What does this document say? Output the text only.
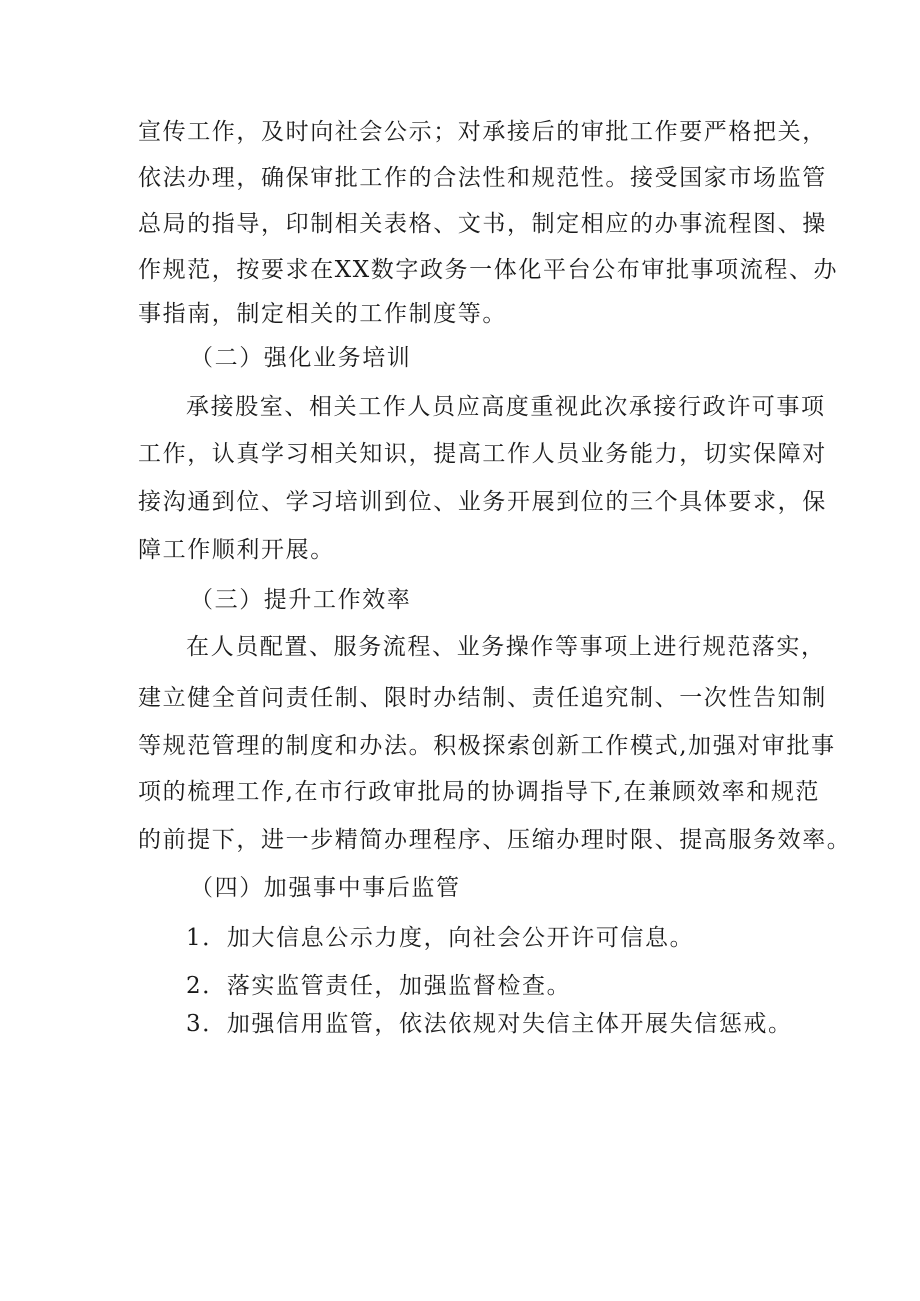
宣传工作，及时向社会公示；对承接后的审批工作要严格把关，
依法办理，确保审批工作的合法性和规范性。接受国家市场监管
总局的指导，印制相关表格、文书，制定相应的办事流程图、操
作规范，按要求在XX数字政务一体化平台公布审批事项流程、办
事指南，制定相关的工作制度等。
（二）强化业务培训
承接股室、相关工作人员应高度重视此次承接行政许可事项
工作，认真学习相关知识，提高工作人员业务能力，切实保障对
接沟通到位、学习培训到位、业务开展到位的三个具体要求，保
障工作顺利开展。
（三）提升工作效率
在人员配置、服务流程、业务操作等事项上进行规范落实，
建立健全首问责任制、限时办结制、责任追究制、一次性告知制
等规范管理的制度和办法。积极探索创新工作模式,加强对审批事
项的梳理工作,在市行政审批局的协调指导下,在兼顾效率和规范
的前提下，进一步精简办理程序、压缩办理时限、提高服务效率。
（四）加强事中事后监管
1．加大信息公示力度，向社会公开许可信息。
2．落实监管责任，加强监督检查。
3．加强信用监管，依法依规对失信主体开展失信惩戒。
